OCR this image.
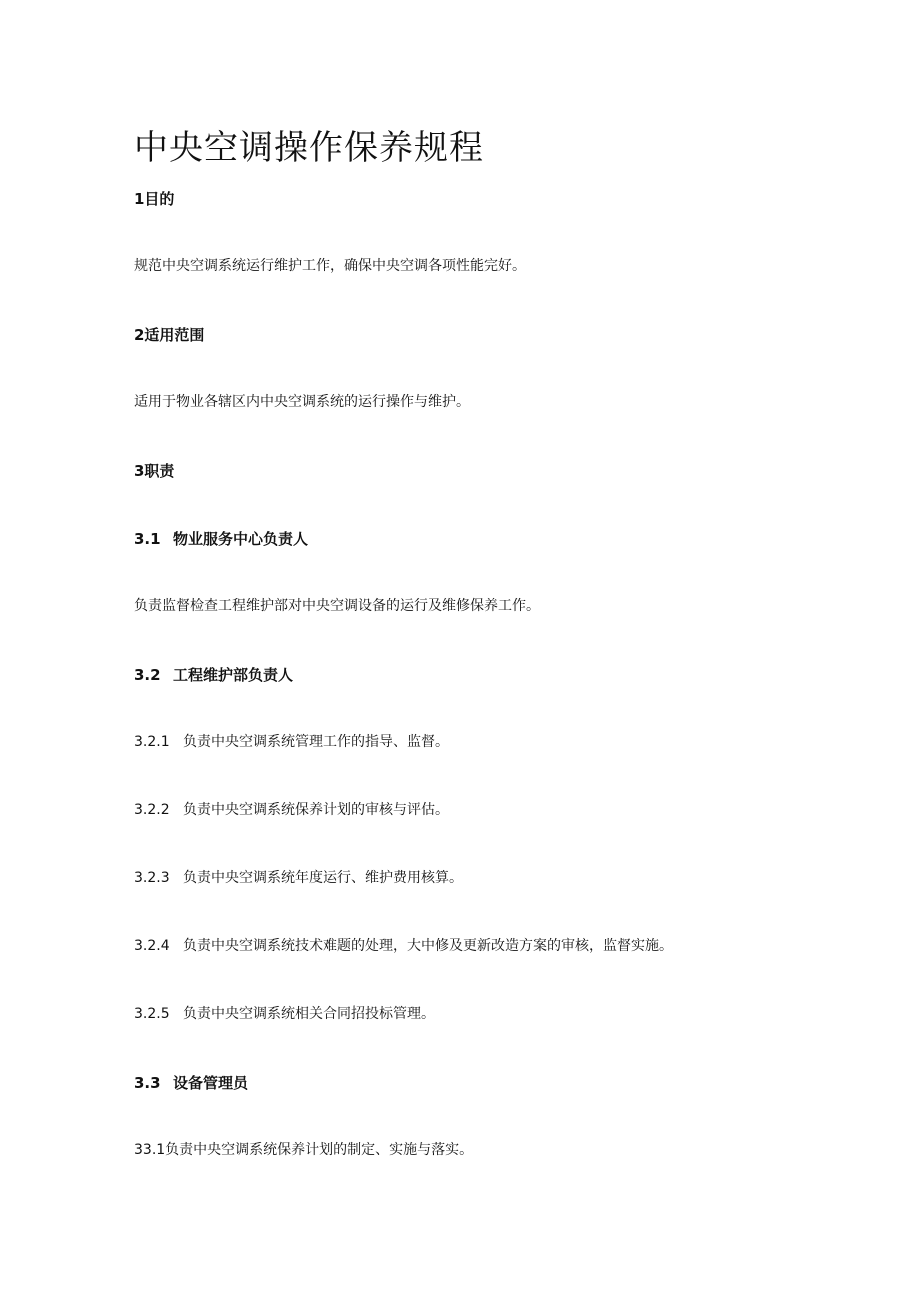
中央空调操作保养规程
1目的
规范中央空调系统运行维护工作，确保中央空调各项性能完好。
2适用范围
适用于物业各辖区内中央空调系统的运行操作与维护。
3职责
3.1 物业服务中心负责人
负责监督检查工程维护部对中央空调设备的运行及维修保养工作。
3.2 工程维护部负责人
3.2.1 负责中央空调系统管理工作的指导、监督。
3.2.2 负责中央空调系统保养计划的审核与评估。
3.2.3 负责中央空调系统年度运行、维护费用核算。
3.2.4 负责中央空调系统技术难题的处理，大中修及更新改造方案的审核，监督实施。
3.2.5 负责中央空调系统相关合同招投标管理。
3.3 设备管理员
33.1负责中央空调系统保养计划的制定、实施与落实。
